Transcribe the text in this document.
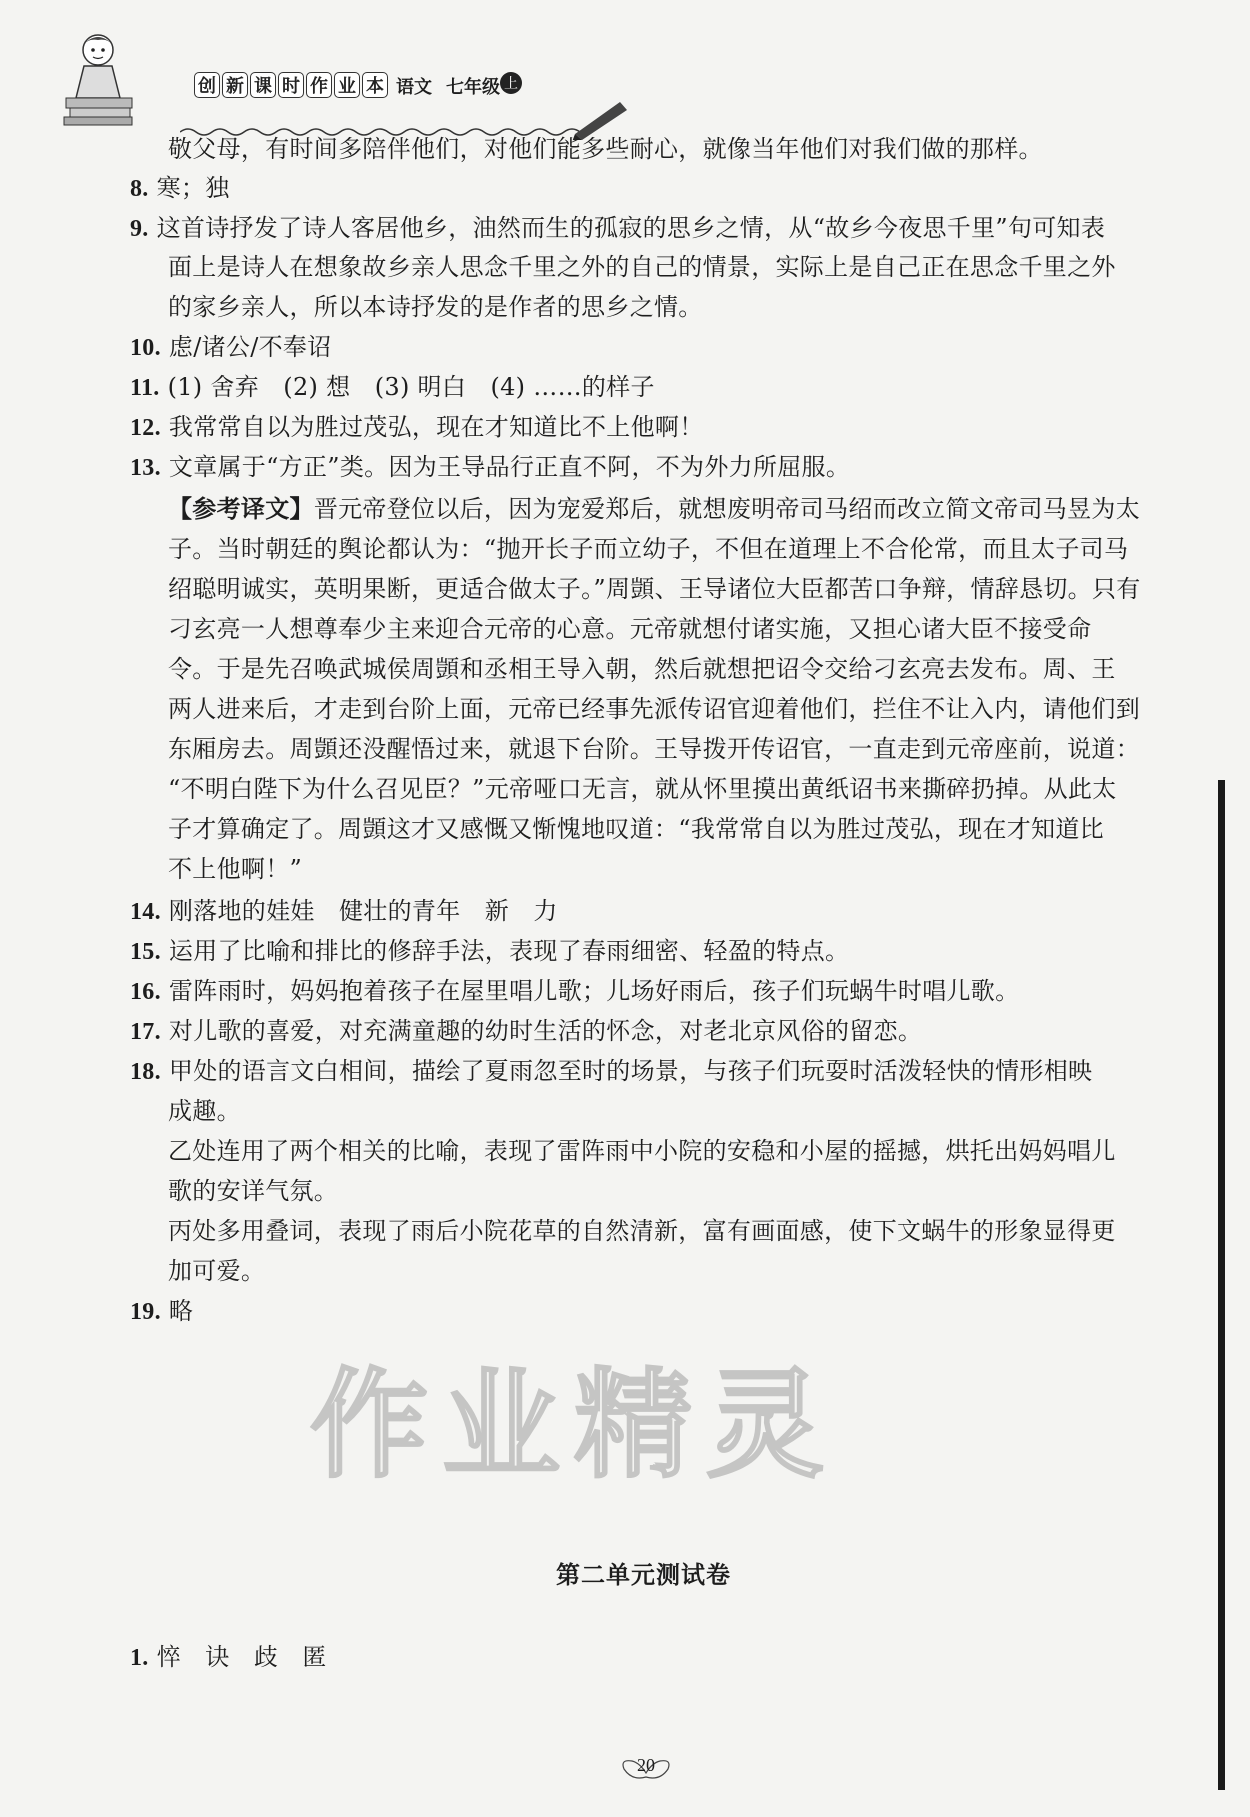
创 新 课 时 作 业 本 语文 七年级 上
敬父母，有时间多陪伴他们，对他们能多些耐心，就像当年他们对我们做的那样。
8. 寒；独
9. 这首诗抒发了诗人客居他乡，油然而生的孤寂的思乡之情，从“故乡今夜思千里”句可知表
面上是诗人在想象故乡亲人思念千里之外的自己的情景，实际上是自己正在思念千里之外
的家乡亲人，所以本诗抒发的是作者的思乡之情。
10. 虑/诸公/不奉诏
11. (1) 舍弃　(2) 想　(3) 明白　(4) ……的样子
12. 我常常自以为胜过茂弘，现在才知道比不上他啊！
13. 文章属于“方正”类。因为王导品行正直不阿，不为外力所屈服。
【参考译文】晋元帝登位以后，因为宠爱郑后，就想废明帝司马绍而改立简文帝司马昱为太
子。当时朝廷的舆论都认为：“抛开长子而立幼子，不但在道理上不合伦常，而且太子司马
绍聪明诚实，英明果断，更适合做太子。”周顗、王导诸位大臣都苦口争辩，情辞恳切。只有
刁玄亮一人想尊奉少主来迎合元帝的心意。元帝就想付诸实施，又担心诸大臣不接受命
令。于是先召唤武城侯周顗和丞相王导入朝，然后就想把诏令交给刁玄亮去发布。周、王
两人进来后，才走到台阶上面，元帝已经事先派传诏官迎着他们，拦住不让入内，请他们到
东厢房去。周顗还没醒悟过来，就退下台阶。王导拨开传诏官，一直走到元帝座前，说道：
“不明白陛下为什么召见臣？”元帝哑口无言，就从怀里摸出黄纸诏书来撕碎扔掉。从此太
子才算确定了。周顗这才又感慨又惭愧地叹道：“我常常自以为胜过茂弘，现在才知道比
不上他啊！”
14. 刚落地的娃娃　健壮的青年　新　力
15. 运用了比喻和排比的修辞手法，表现了春雨细密、轻盈的特点。
16. 雷阵雨时，妈妈抱着孩子在屋里唱儿歌；儿场好雨后，孩子们玩蜗牛时唱儿歌。
17. 对儿歌的喜爱，对充满童趣的幼时生活的怀念，对老北京风俗的留恋。
18. 甲处的语言文白相间，描绘了夏雨忽至时的场景，与孩子们玩耍时活泼轻快的情形相映
成趣。
乙处连用了两个相关的比喻，表现了雷阵雨中小院的安稳和小屋的摇撼，烘托出妈妈唱儿
歌的安详气氛。
丙处多用叠词，表现了雨后小院花草的自然清新，富有画面感，使下文蜗牛的形象显得更
加可爱。
19. 略
作业精灵
第二单元测试卷
1. 悴　诀　歧　匿
20
